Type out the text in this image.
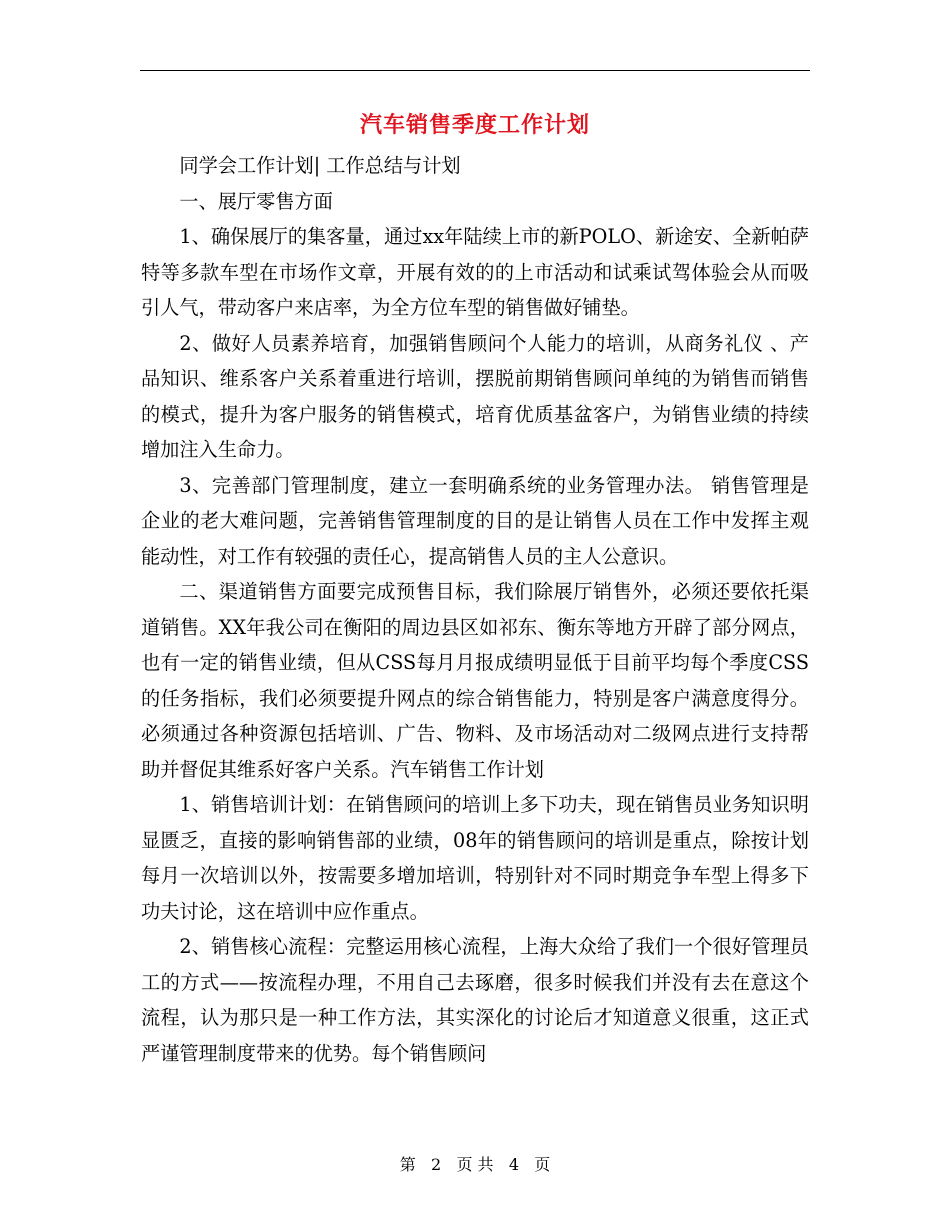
汽车销售季度工作计划

同学会工作计划| 工作总结与计划

一、展厅零售方面

1、确保展厅的集客量，通过xx年陆续上市的新POLO、新途安、全新帕萨特等多款车型在市场作文章，开展有效的的上市活动和试乘试驾体验会从而吸引人气，带动客户来店率，为全方位车型的销售做好铺垫。

2、做好人员素养培育，加强销售顾问个人能力的培训，从商务礼仪 、产品知识、维系客户关系着重进行培训，摆脱前期销售顾问单纯的为销售而销售的模式，提升为客户服务的销售模式，培育优质基盆客户，为销售业绩的持续增加注入生命力。

3、完善部门管理制度，建立一套明确系统的业务管理办法。 销售管理是企业的老大难问题，完善销售管理制度的目的是让销售人员在工作中发挥主观能动性，对工作有较强的责任心，提高销售人员的主人公意识。

二、渠道销售方面要完成预售目标，我们除展厅销售外，必须还要依托渠道销售。XX年我公司在衡阳的周边县区如祁东、衡东等地方开辟了部分网点，也有一定的销售业绩，但从CSS每月月报成绩明显低于目前平均每个季度CSS的任务指标，我们必须要提升网点的综合销售能力，特别是客户满意度得分。必须通过各种资源包括培训、广告、物料、及市场活动对二级网点进行支持帮助并督促其维系好客户关系。汽车销售工作计划

1、销售培训计划：在销售顾问的培训上多下功夫，现在销售员业务知识明显匮乏，直接的影响销售部的业绩，08年的销售顾问的培训是重点，除按计划每月一次培训以外，按需要多增加培训，特别针对不同时期竞争车型上得多下功夫讨论，这在培训中应作重点。

2、销售核心流程：完整运用核心流程，上海大众给了我们一个很好管理员工的方式——按流程办理，不用自己去琢磨，很多时候我们并没有去在意这个流程，认为那只是一种工作方法，其实深化的讨论后才知道意义很重，这正式严谨管理制度带来的优势。每个销售顾问

第 2 页 共 4 页
